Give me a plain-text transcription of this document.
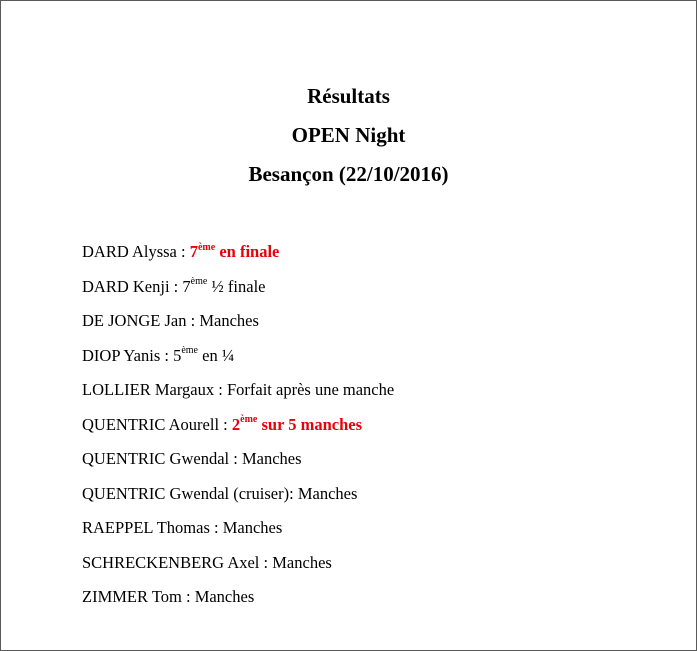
Résultats
OPEN Night
Besançon (22/10/2016)
DARD Alyssa : 7ème en finale
DARD Kenji : 7ème ½ finale
DE JONGE Jan : Manches
DIOP Yanis : 5ème en ¼
LOLLIER Margaux : Forfait après une manche
QUENTRIC Aourell : 2ème sur 5 manches
QUENTRIC Gwendal : Manches
QUENTRIC Gwendal (cruiser): Manches
RAEPPEL Thomas : Manches
SCHRECKENBERG Axel : Manches
ZIMMER Tom : Manches
